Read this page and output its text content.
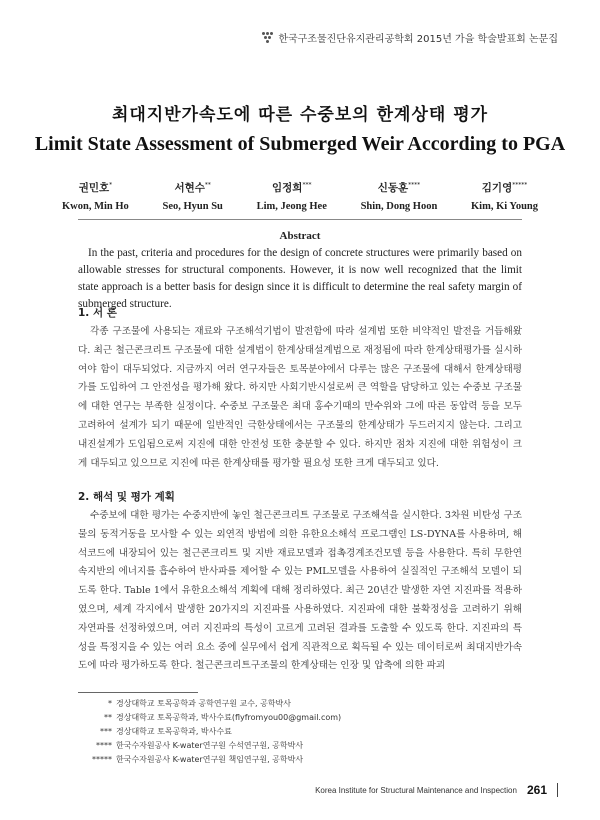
한국구조물진단유지관리공학회 2015년 가을 학술발표회 논문집
최대지반가속도에 따른 수중보의 한계상태 평가
Limit State Assessment of Submerged Weir According to PGA
권민호*
Kwon, Min Ho
서현수**
Seo, Hyun Su
임정희***
Lim, Jeong Hee
신동훈****
Shin, Dong Hoon
김기영*****
Kim, Ki Young
Abstract

In the past, criteria and procedures for the design of concrete structures were primarily based on allowable stresses for structural components. However, it is now well recognized that the limit state approach is a better basis for design since it is difficult to determine the real safety margin of submerged structure.

1. 서 론

각종 구조물에 사용되는 재료와 구조해석기법이 발전함에 따라 설계법 또한 비약적인 발전을 거듭해왔다. 최근 철근콘크리트 구조물에 대한 설계법이 한계상태설계법으로 재정됨에 따라 한계상태평가를 실시하여야 함이 대두되었다. 지금까지 여러 연구자들은 토목분야에서 다루는 많은 구조물에 대해서 한계상태평가를 도입하여 그 안전성을 평가해 왔다. 하지만 사회기반시설로써 큰 역할을 담당하고 있는 수중보 구조물에 대한 연구는 부족한 실정이다. 수중보 구조물은 최대 홍수기때의 만수위와 그에 따른 동압력 등을 모두 고려하여 설계가 되기 때문에 일반적인 극한상태에서는 구조물의 한계상태가 두드러지지 않는다. 그리고 내진설계가 도입됨으로써 지진에 대한 안전성 또한 충분할 수 있다. 하지만 점차 지진에 대한 위험성이 크게 대두되고 있으므로 지진에 따른 한계상태를 평가할 필요성 또한 크게 대두되고 있다.

2. 해석 및 평가 계획

수중보에 대한 평가는 수중지반에 놓인 철근콘크리트 구조물로 구조해석을 실시한다. 3차원 비탄성 구조물의 동적거동을 모사할 수 있는 외연적 방법에 의한 유한요소해석 프로그램인 LS-DYNA를 사용하며, 해석코드에 내장되어 있는 철근콘크리트 및 지반 재료모델과 접촉경계조건모델 등을 사용한다. 특히 무한연속지반의 에너지를 흡수하여 반사파를 제어할 수 있는 PML모델을 사용하여 실질적인 구조해석 모델이 되도록 한다. Table 1에서 유한요소해석 계획에 대해 정리하였다. 최근 20년간 발생한 자연 지진파를 적용하였으며, 세계 각지에서 발생한 20가지의 지진파를 사용하였다. 지진파에 대한 불확정성을 고려하기 위해 자연파를 선정하였으며, 여러 지진파의 특성이 고르게 고려된 결과를 도출할 수 있도록 한다. 지진파의 특성을 특정지을 수 있는 여러 요소 중에 실무에서 쉽게 직관적으로 획득될 수 있는 데이터로써 최대지반가속도에 따라 평가하도록 한다. 철근콘크리트구조물의 한계상태는 인장 및 압축에 의한 파괴

* 경상대학교 토목공학과 공학연구원 교수, 공학박사
** 경상대학교 토목공학과, 박사수료(flyfromyou00@gmail.com)
*** 경상대학교 토목공학과, 박사수료
**** 한국수자원공사 K-water연구원 수석연구원, 공학박사
***** 한국수자원공사 K-water연구원 책임연구원, 공학박사
Korea Institute for Structural Maintenance and Inspection 261
